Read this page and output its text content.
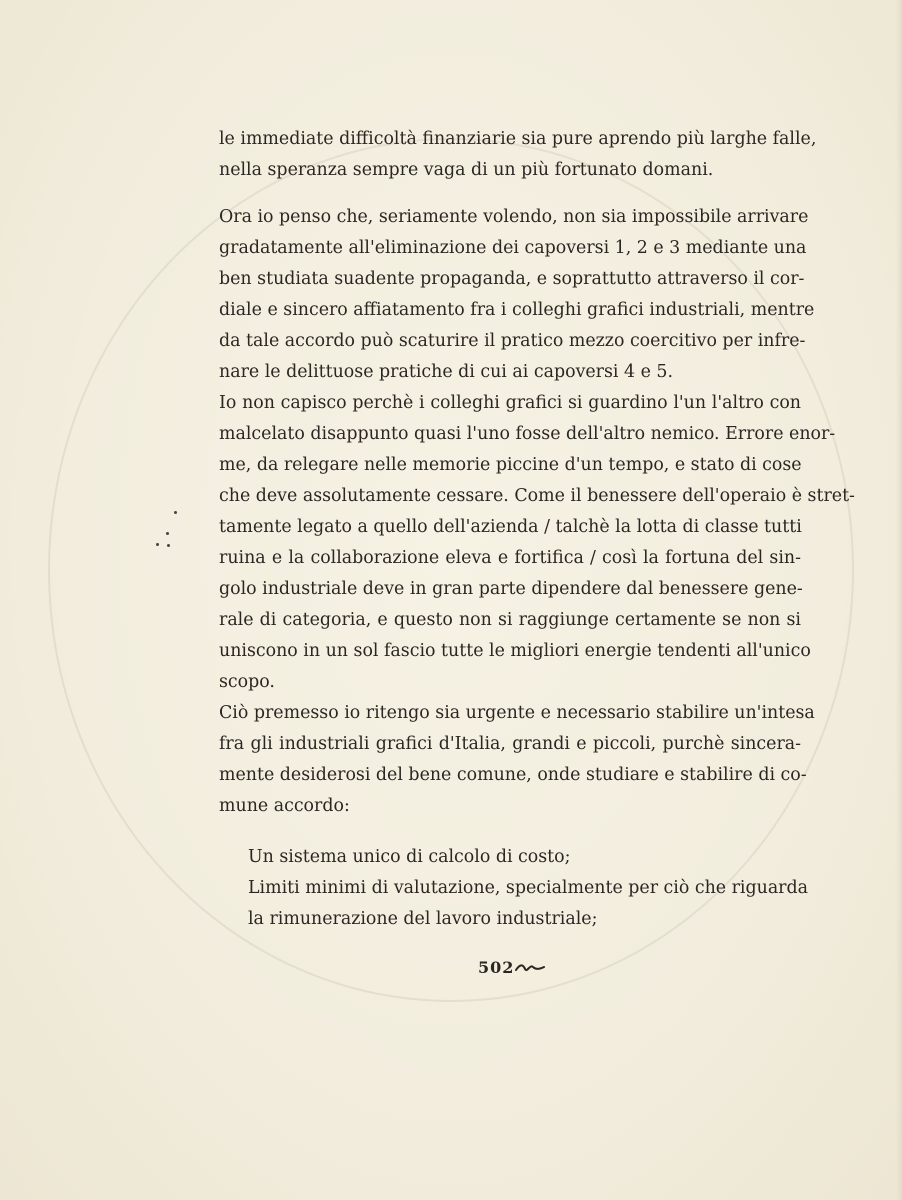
le immediate difficoltà finanziarie sia pure aprendo più larghe falle,
nella speranza sempre vaga di un più fortunato domani.
Ora io penso che, seriamente volendo, non sia impossibile arrivare
gradatamente all'eliminazione dei capoversi 1, 2 e 3 mediante una
ben studiata suadente propaganda, e soprattutto attraverso il cor-
diale e sincero affiatamento fra i colleghi grafici industriali, mentre
da tale accordo può scaturire il pratico mezzo coercitivo per infre-
nare le delittuose pratiche di cui ai capoversi 4 e 5.
Io non capisco perchè i colleghi grafici si guardino l'un l'altro con
malcelato disappunto quasi l'uno fosse dell'altro nemico. Errore enor-
me, da relegare nelle memorie piccine d'un tempo, e stato di cose
che deve assolutamente cessare. Come il benessere dell'operaio è stret-
tamente legato a quello dell'azienda / talchè la lotta di classe tutti
ruina e la collaborazione eleva e fortifica / così la fortuna del sin-
golo industriale deve in gran parte dipendere dal benessere gene-
rale di categoria, e questo non si raggiunge certamente se non si
uniscono in un sol fascio tutte le migliori energie tendenti all'unico
scopo.
Ciò premesso io ritengo sia urgente e necessario stabilire un'intesa
fra gli industriali grafici d'Italia, grandi e piccoli, purchè sincera-
mente desiderosi del bene comune, onde studiare e stabilire di co-
mune accordo:
Un sistema unico di calcolo di costo;
Limiti minimi di valutazione, specialmente per ciò che riguarda
la rimunerazione del lavoro industriale;
502
